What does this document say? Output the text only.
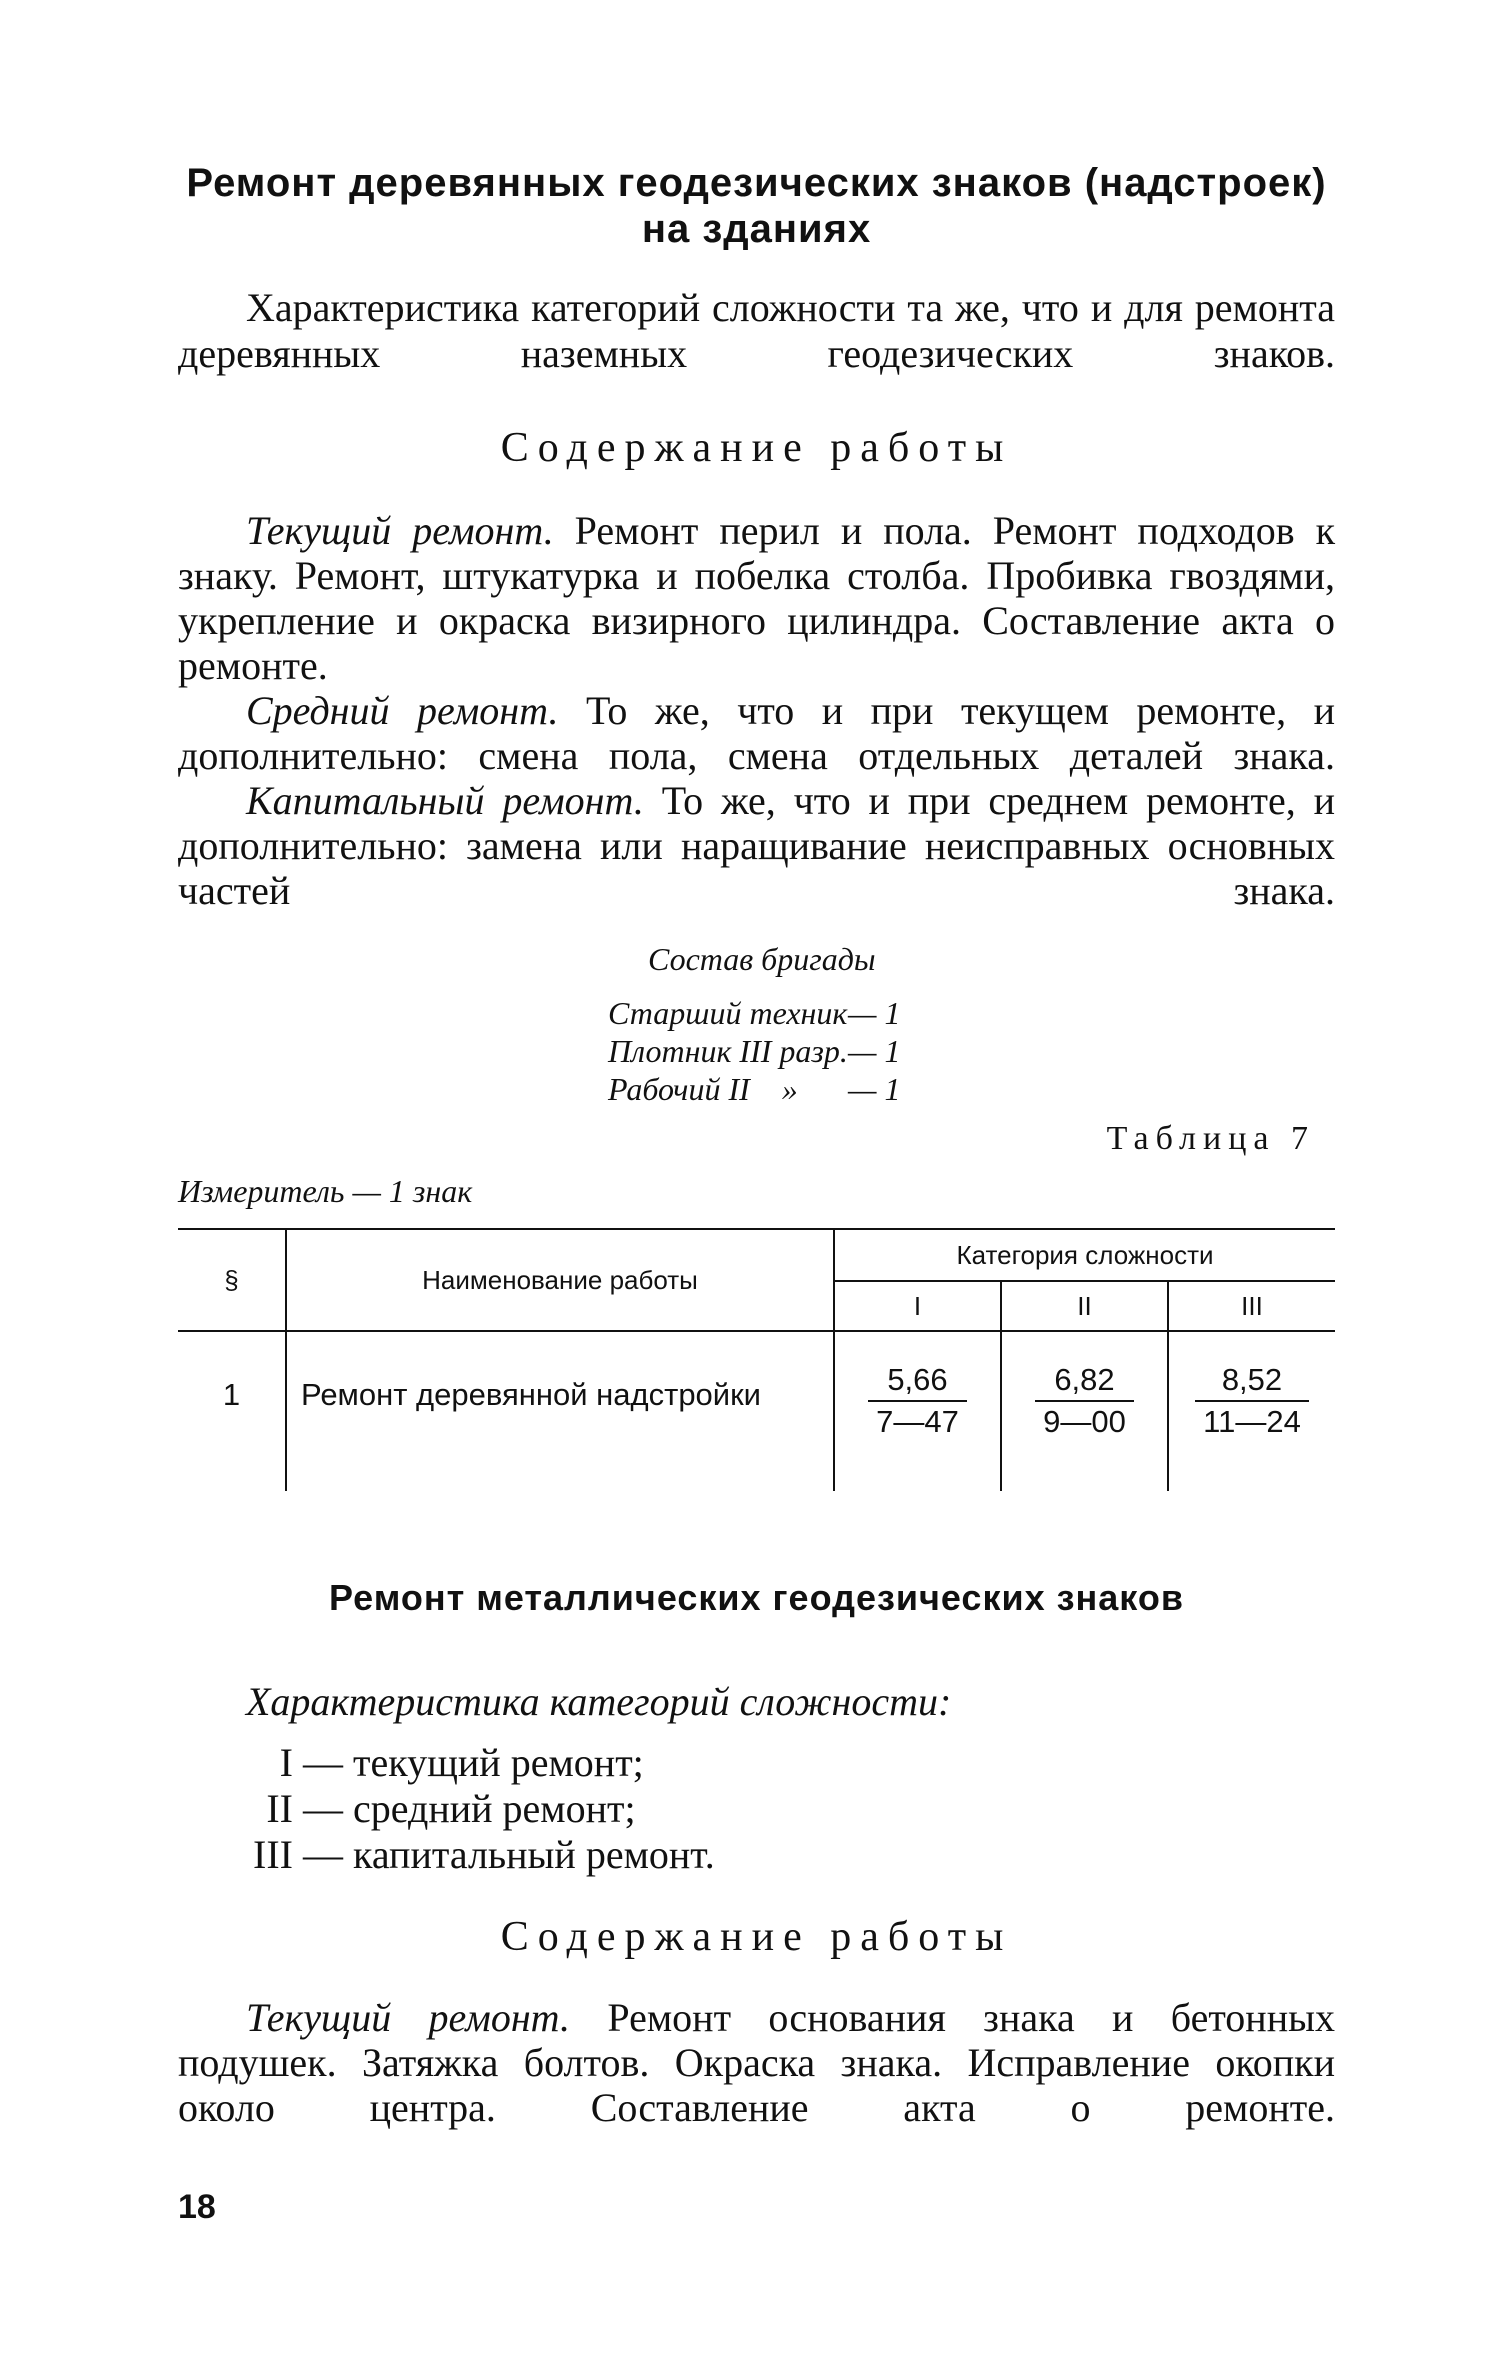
Ремонт деревянных геодезических знаков (надстроек)
на зданиях
Характеристика категорий сложности та же, что и для ремонта деревянных наземных геодезических знаков.
Содержание работы
Текущий ремонт. Ремонт перил и пола. Ремонт подходов к знаку. Ремонт, штукатурка и побелка столба. Пробивка гвоздями, укрепление и окраска визирного цилиндра. Составление акта о ремонте.
Средний ремонт. То же, что и при текущем ремонте, и дополнительно: смена пола, смена отдельных деталей знака.
Капитальный ремонт. То же, что и при среднем ремонте, и дополнительно: замена или наращивание неисправных основных частей знака.
Состав бригады
Старший техник — 1
Плотник III разр. — 1
Рабочий II    »	— 1
Таблица 7
Измеритель — 1 знак
§	Наименование работы	Категория сложности		
		I	II	III
1	Ремонт деревянной надстройки	$\frac{5,66}{7—47}$	$\frac{6,82}{9—00}$	$\frac{8,52}{11—24}$
Ремонт металлических геодезических знаков
Характеристика категорий сложности:
I — текущий ремонт;
II — средний ремонт;
III — капитальный ремонт.
Содержание работы
Текущий ремонт. Ремонт основания знака и бетонных подушек. Затяжка болтов. Окраска знака. Исправление окопки около центра. Составление акта о ремонте.
18
